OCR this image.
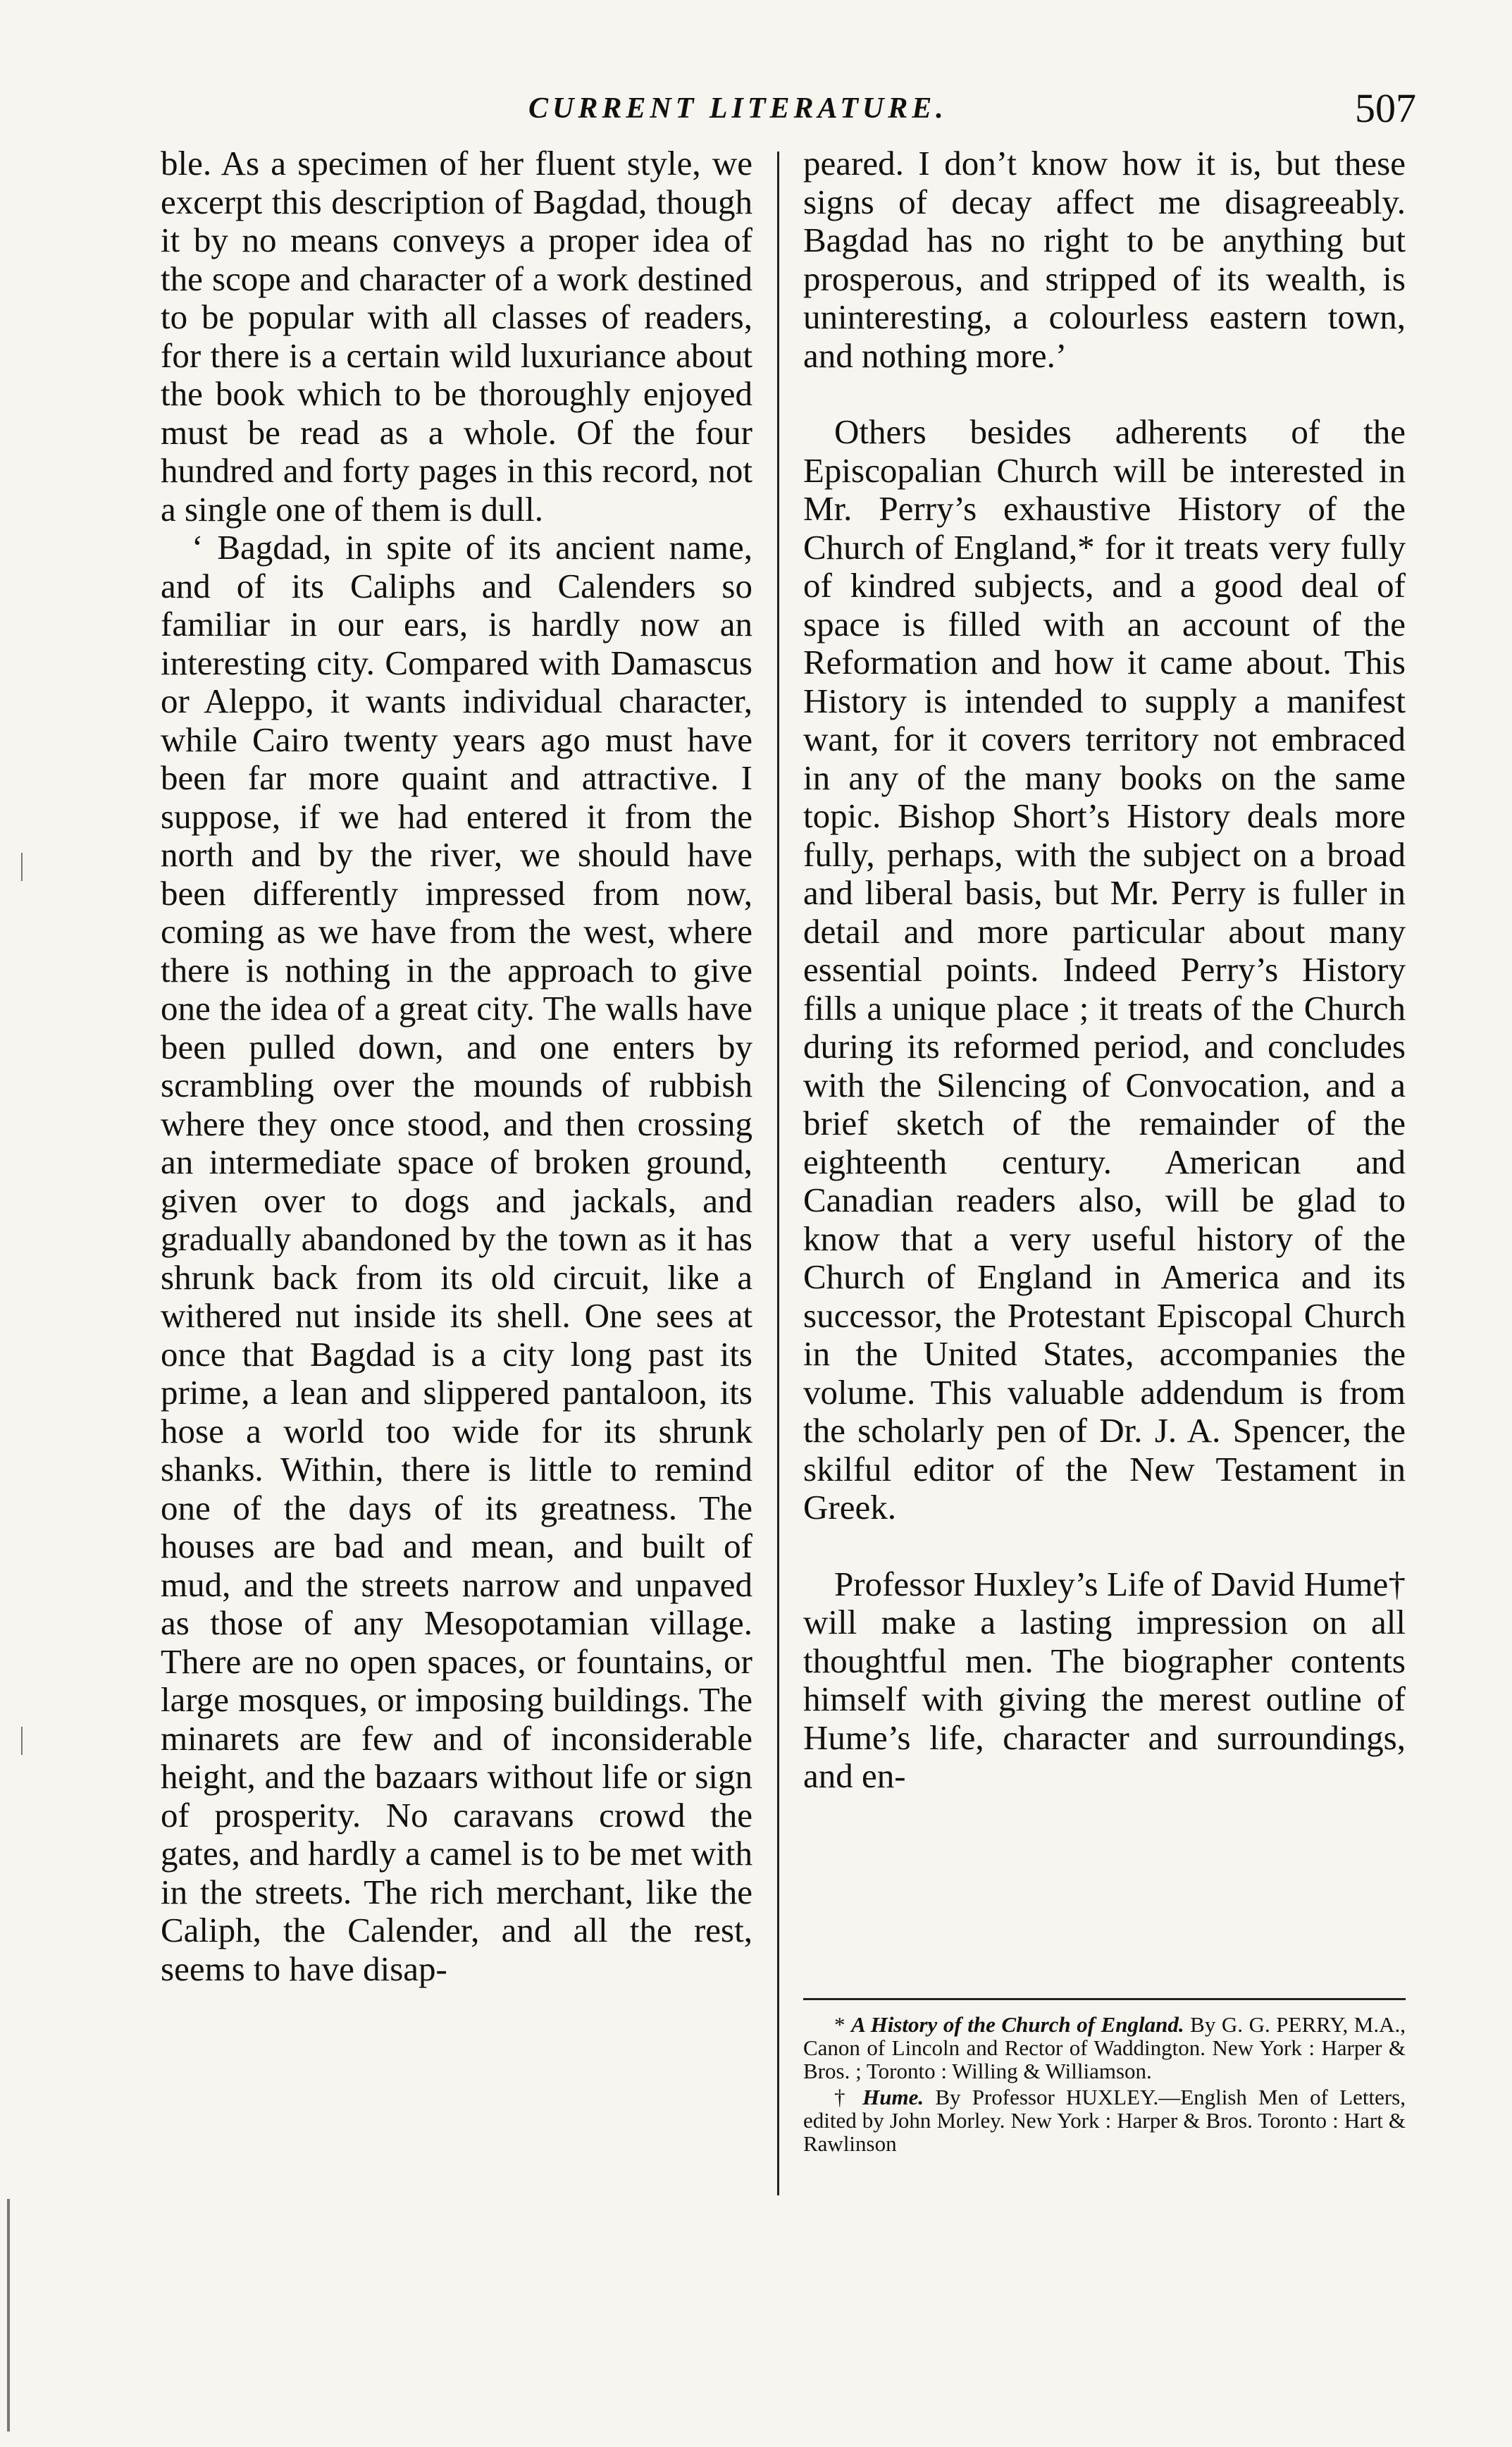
CURRENT LITERATURE.	507

ble. As a specimen of her fluent style, we excerpt this description of Bagdad, though it by no means conveys a proper idea of the scope and character of a work destined to be popular with all classes of readers, for there is a certain wild luxuriance about the book which to be thoroughly enjoyed must be read as a whole. Of the four hundred and forty pages in this record, not a single one of them is dull.

‘ Bagdad, in spite of its ancient name, and of its Caliphs and Calenders so familiar in our ears, is hardly now an interesting city. Compared with Damascus or Aleppo, it wants individual character, while Cairo twenty years ago must have been far more quaint and attractive. I suppose, if we had entered it from the north and by the river, we should have been differently impressed from now, coming as we have from the west, where there is nothing in the approach to give one the idea of a great city. The walls have been pulled down, and one enters by scrambling over the mounds of rubbish where they once stood, and then crossing an intermediate space of broken ground, given over to dogs and jackals, and gradually abandoned by the town as it has shrunk back from its old circuit, like a withered nut inside its shell. One sees at once that Bagdad is a city long past its prime, a lean and slippered pantaloon, its hose a world too wide for its shrunk shanks. Within, there is little to remind one of the days of its greatness. The houses are bad and mean, and built of mud, and the streets narrow and unpaved as those of any Mesopotamian village. There are no open spaces, or fountains, or large mosques, or imposing buildings. The minarets are few and of inconsiderable height, and the bazaars without life or sign of prosperity. No caravans crowd the gates, and hardly a camel is to be met with in the streets. The rich merchant, like the Caliph, the Calender, and all the rest, seems to have disap-

peared. I don’t know how it is, but these signs of decay affect me disagreeably. Bagdad has no right to be anything but prosperous, and stripped of its wealth, is uninteresting, a colourless eastern town, and nothing more.’

Others besides adherents of the Episcopalian Church will be interested in Mr. Perry’s exhaustive History of the Church of England,* for it treats very fully of kindred subjects, and a good deal of space is filled with an account of the Reformation and how it came about. This History is intended to supply a manifest want, for it covers territory not embraced in any of the many books on the same topic. Bishop Short’s History deals more fully, perhaps, with the subject on a broad and liberal basis, but Mr. Perry is fuller in detail and more particular about many essential points. Indeed Perry’s History fills a unique place ; it treats of the Church during its reformed period, and concludes with the Silencing of Convocation, and a brief sketch of the remainder of the eighteenth century. American and Canadian readers also, will be glad to know that a very useful history of the Church of England in America and its successor, the Protestant Episcopal Church in the United States, accompanies the volume. This valuable addendum is from the scholarly pen of Dr. J. A. Spencer, the skilful editor of the New Testament in Greek.

Professor Huxley’s Life of David Hume† will make a lasting impression on all thoughtful men. The biographer contents himself with giving the merest outline of Hume’s life, character and surroundings, and en-

* A History of the Church of England. By G. G. PERRY, M.A., Canon of Lincoln and Rector of Waddington. New York : Harper & Bros. ; Toronto : Willing & Williamson.

† Hume. By Professor HUXLEY.—English Men of Letters, edited by John Morley. New York : Harper & Bros. Toronto : Hart & Rawlinson
